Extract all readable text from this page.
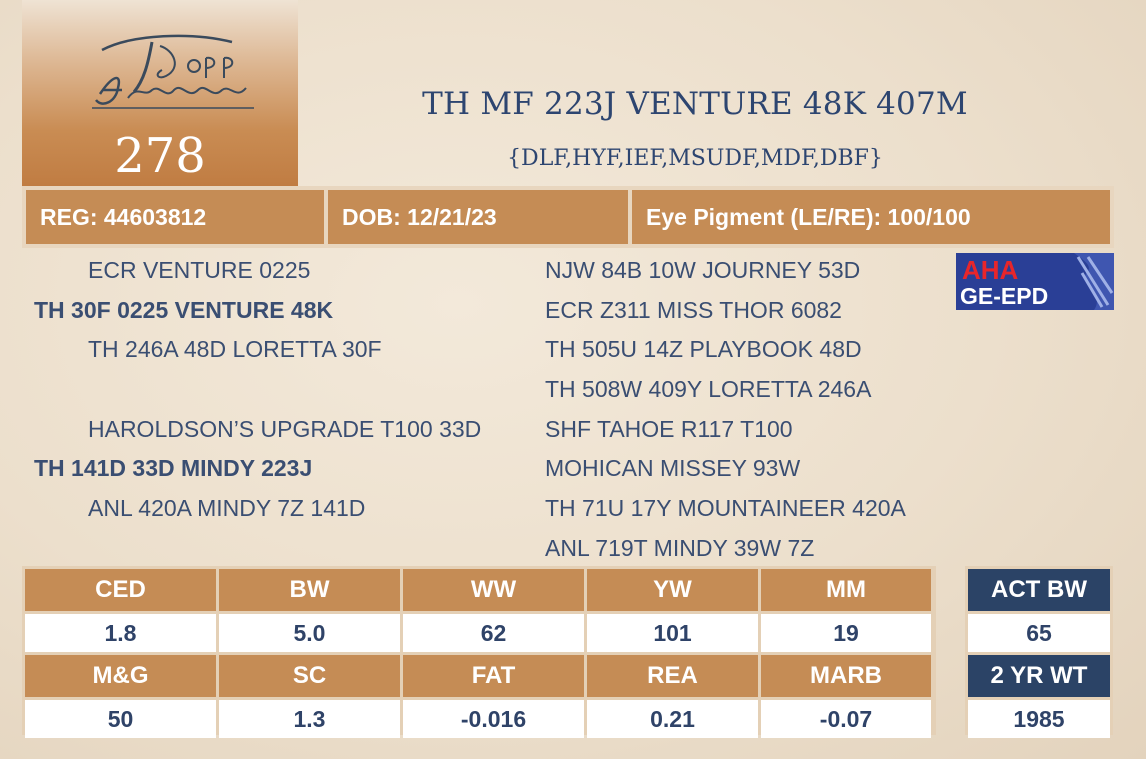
278
TH MF 223J VENTURE 48K 407M
{DLF,HYF,IEF,MSUDF,MDF,DBF}
REG: 44603812	DOB: 12/21/23	Eye Pigment (LE/RE): 100/100
ECR VENTURE 0225
TH 30F 0225 VENTURE 48K
TH 246A 48D LORETTA 30F
HAROLDSON’S UPGRADE T100 33D
TH 141D 33D MINDY 223J
ANL 420A MINDY 7Z 141D
NJW 84B 10W JOURNEY 53D
ECR Z311 MISS THOR 6082
TH 505U 14Z PLAYBOOK 48D
TH 508W 409Y LORETTA 246A
SHF TAHOE R117 T100
MOHICAN MISSEY 93W
TH 71U 17Y MOUNTAINEER 420A
ANL 719T MINDY 39W 7Z
AHA
GE-EPD
CED	BW	WW	YW	MM
1.8	5.0	62	101	19
M&G	SC	FAT	REA	MARB
50	1.3	-0.016	0.21	-0.07
ACT BW
65
2 YR WT
1985
